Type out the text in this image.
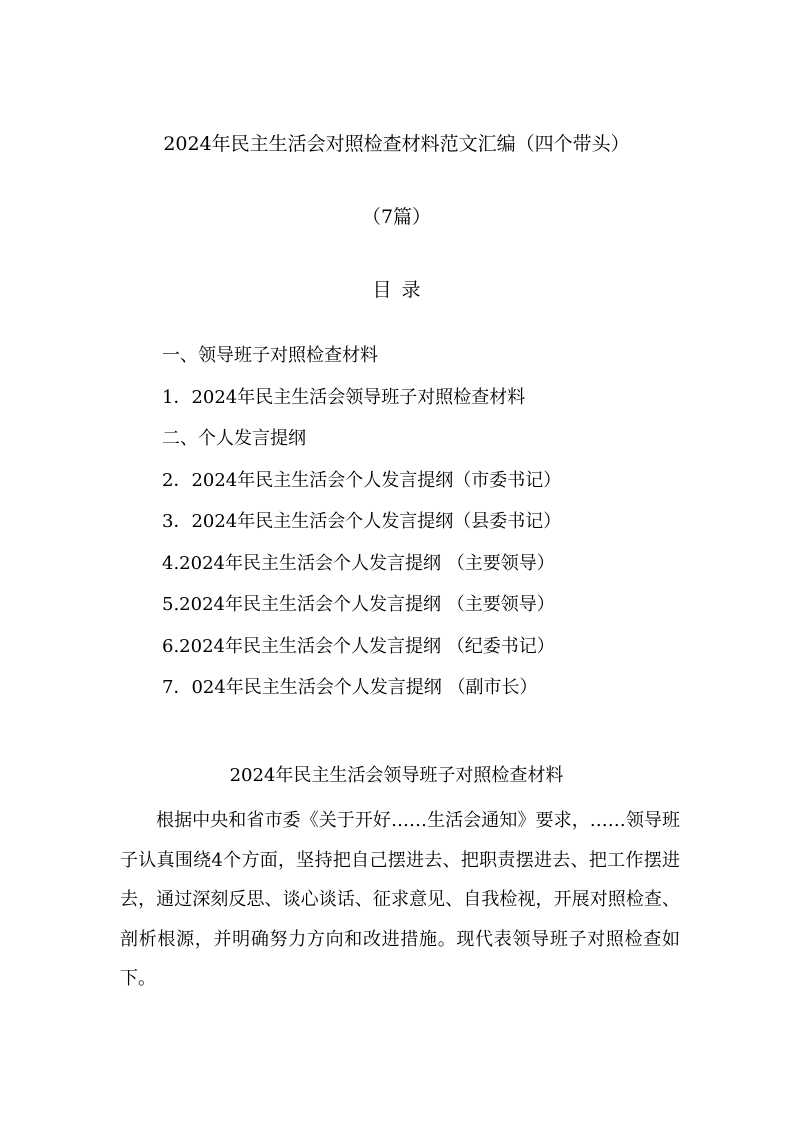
2024年民主生活会对照检查材料范文汇编（四个带头）
（7篇）
目录
一、领导班子对照检查材料
1．2024年民主生活会领导班子对照检查材料
二、个人发言提纲
2．2024年民主生活会个人发言提纲（市委书记）
3．2024年民主生活会个人发言提纲（县委书记）
4.2024年民主生活会个人发言提纲 （主要领导）
5.2024年民主生活会个人发言提纲 （主要领导）
6.2024年民主生活会个人发言提纲 （纪委书记）
7．024年民主生活会个人发言提纲 （副市长）
2024年民主生活会领导班子对照检查材料

根据中央和省市委《关于开好……生活会通知》要求，……领导班子认真围绕4个方面，坚持把自己摆进去、把职责摆进去、把工作摆进去，通过深刻反思、谈心谈话、征求意见、自我检视，开展对照检查、剖析根源，并明确努力方向和改进措施。现代表领导班子对照检查如下。
